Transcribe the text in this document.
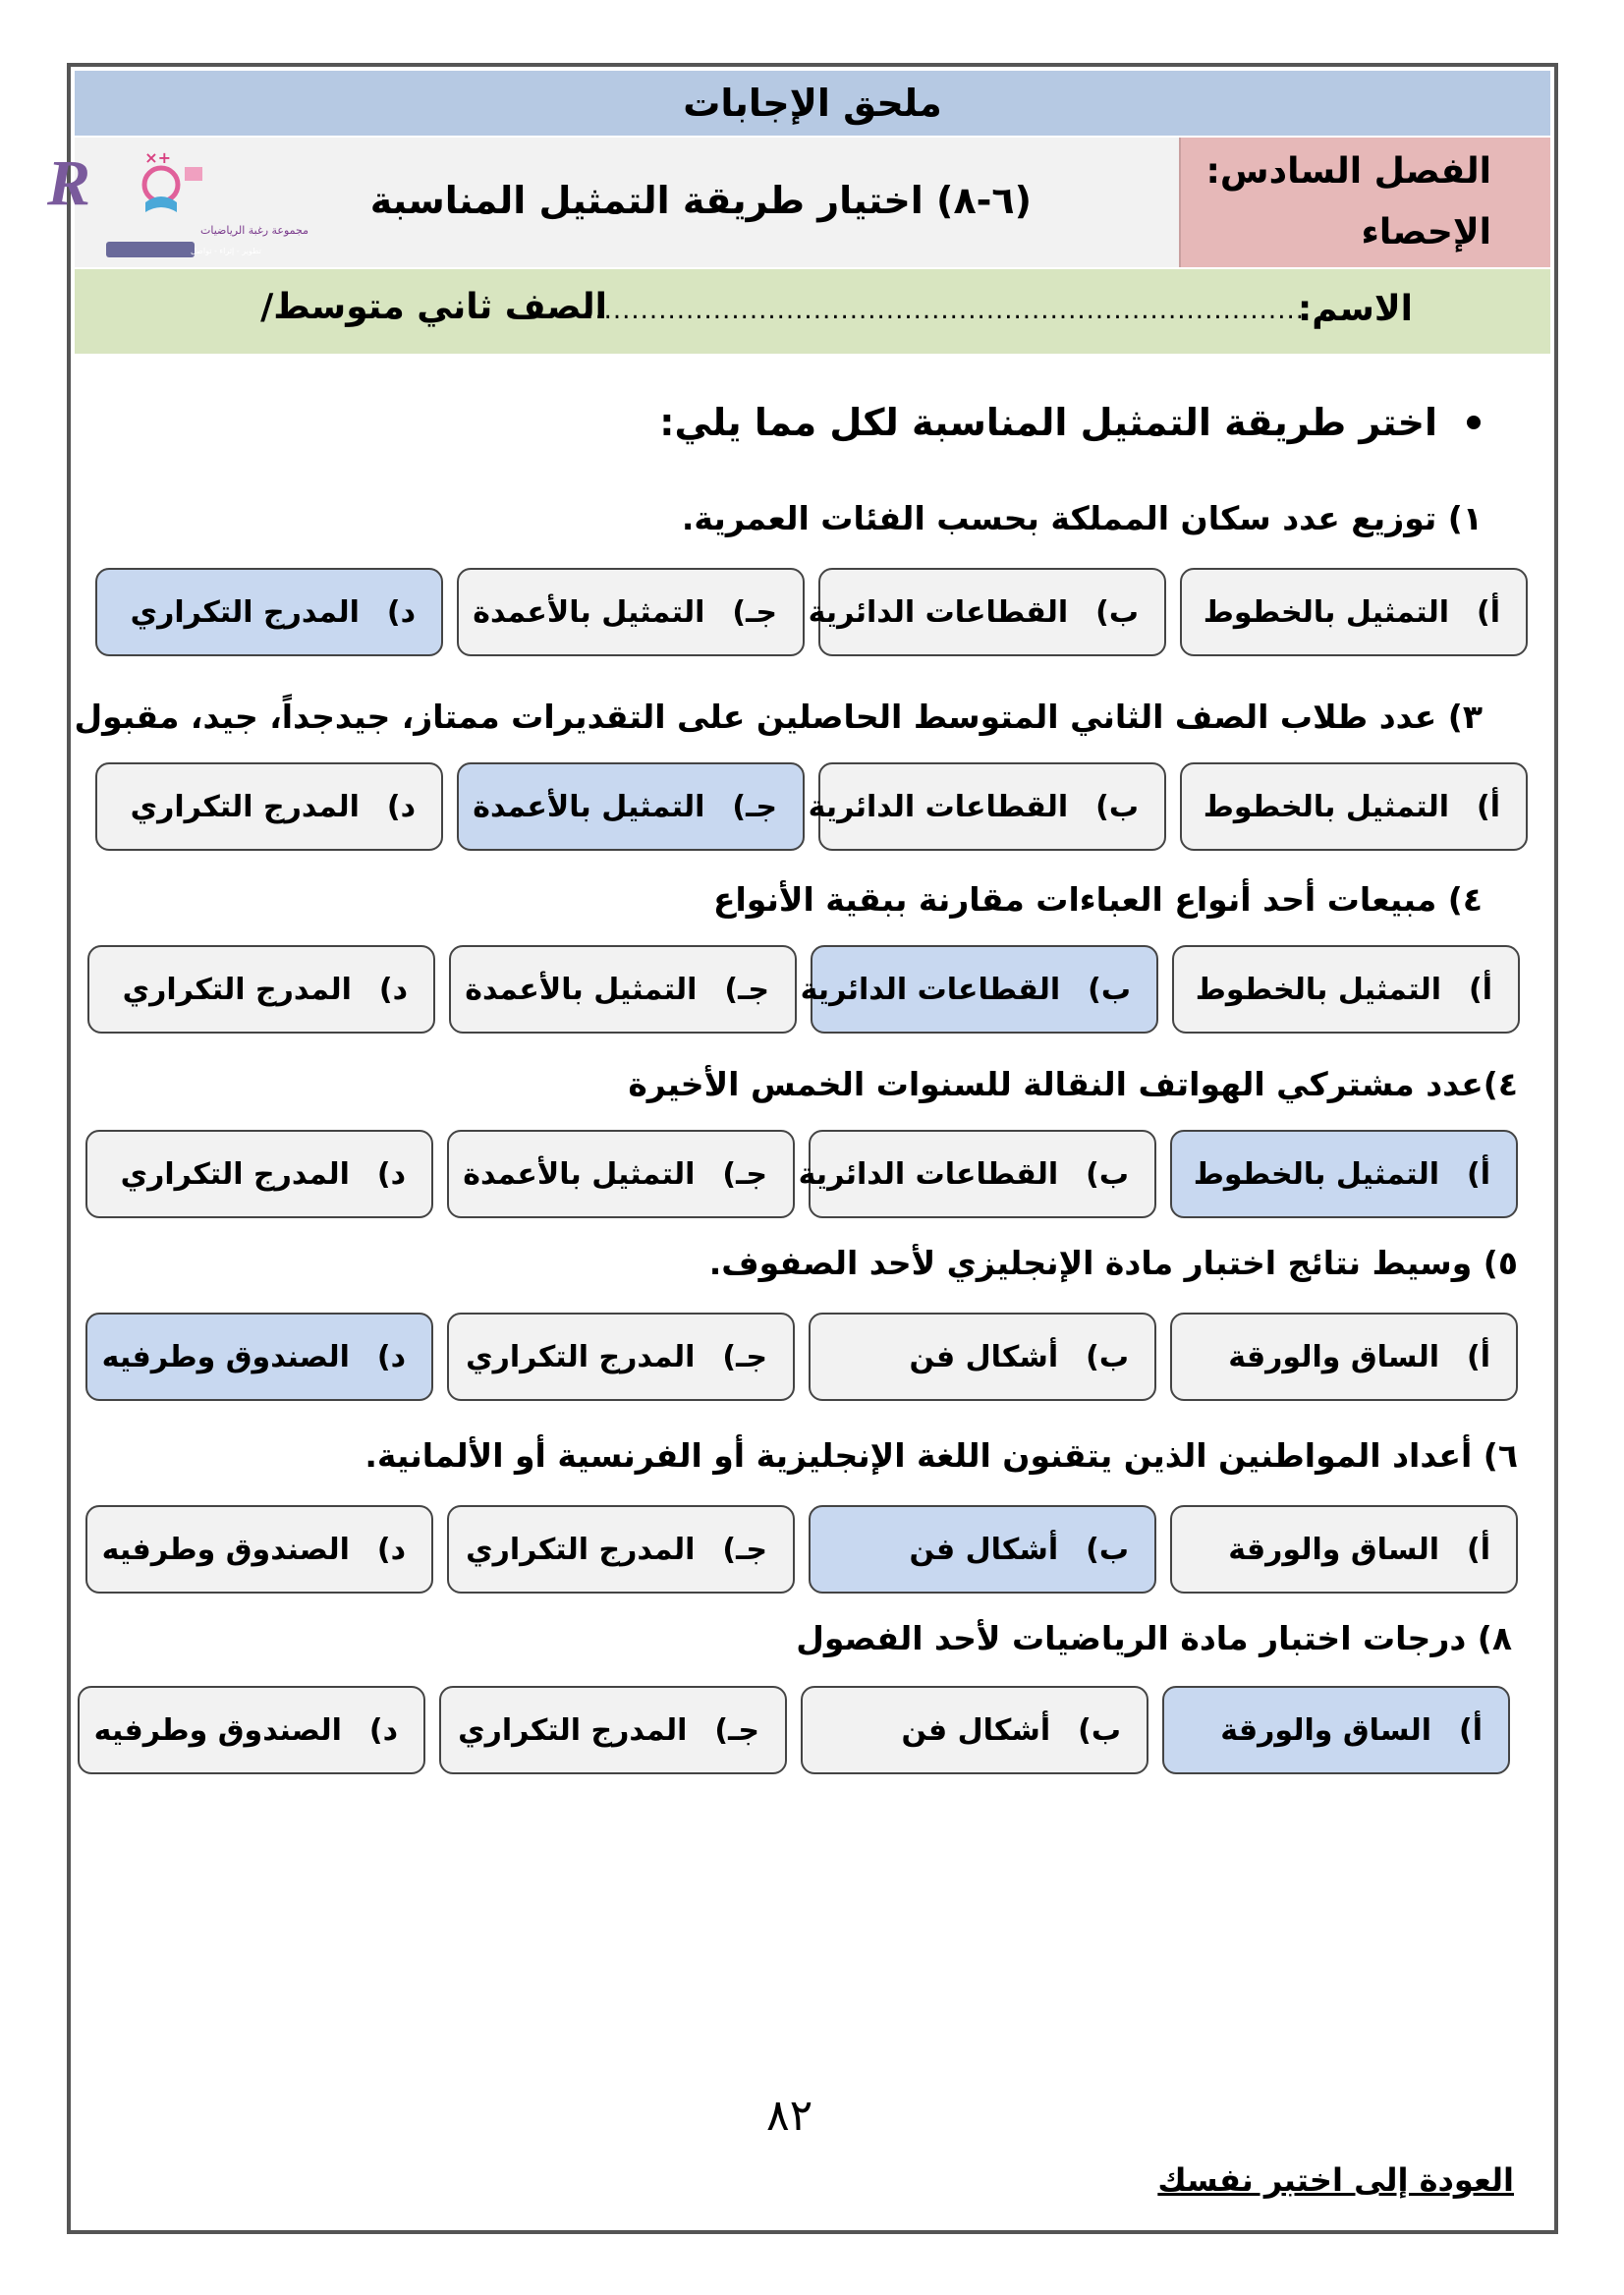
ملحق الإجابات
الفصل السادس:
الإحصاء
(٦-٨) اختيار طريقة التمثيل المناسبة
R	+×
مجموعة رغبة الرياضيات
تطوير - إثراء - تواصل
الاسم:
...............................................................................
الصف ثاني متوسط/
اختر طريقة التمثيل المناسبة لكل مما يلي:
١) توزيع عدد سكان المملكة بحسب الفئات العمرية.
أ)
التمثيل بالخطوط
ب)
القطاعات الدائرية
جـ)
التمثيل بالأعمدة
د)
المدرج التكراري
٣) عدد طلاب الصف الثاني المتوسط الحاصلين على التقديرات ممتاز، جيدجداً، جيد، مقبول
أ)
التمثيل بالخطوط
ب)
القطاعات الدائرية
جـ)
التمثيل بالأعمدة
د)
المدرج التكراري
٤) مبيعات أحد أنواع العباءات مقارنة ببقية الأنواع
أ)
التمثيل بالخطوط
ب)
القطاعات الدائرية
جـ)
التمثيل بالأعمدة
د)
المدرج التكراري
٤)عدد مشتركي الهواتف النقالة للسنوات الخمس الأخيرة
أ)
التمثيل بالخطوط
ب)
القطاعات الدائرية
جـ)
التمثيل بالأعمدة
د)
المدرج التكراري
٥) وسيط نتائج اختبار مادة الإنجليزي لأحد الصفوف.
أ)
الساق والورقة
ب)
أشكال فن
جـ)
المدرج التكراري
د)
الصندوق وطرفيه
٦) أعداد المواطنين الذين يتقنون اللغة الإنجليزية أو الفرنسية أو الألمانية.
أ)
الساق والورقة
ب)
أشكال فن
جـ)
المدرج التكراري
د)
الصندوق وطرفيه
٨) درجات اختبار مادة الرياضيات لأحد الفصول
أ)
الساق والورقة
ب)
أشكال فن
جـ)
المدرج التكراري
د)
الصندوق وطرفيه
٨٢
العودة إلى اختبر نفسك
